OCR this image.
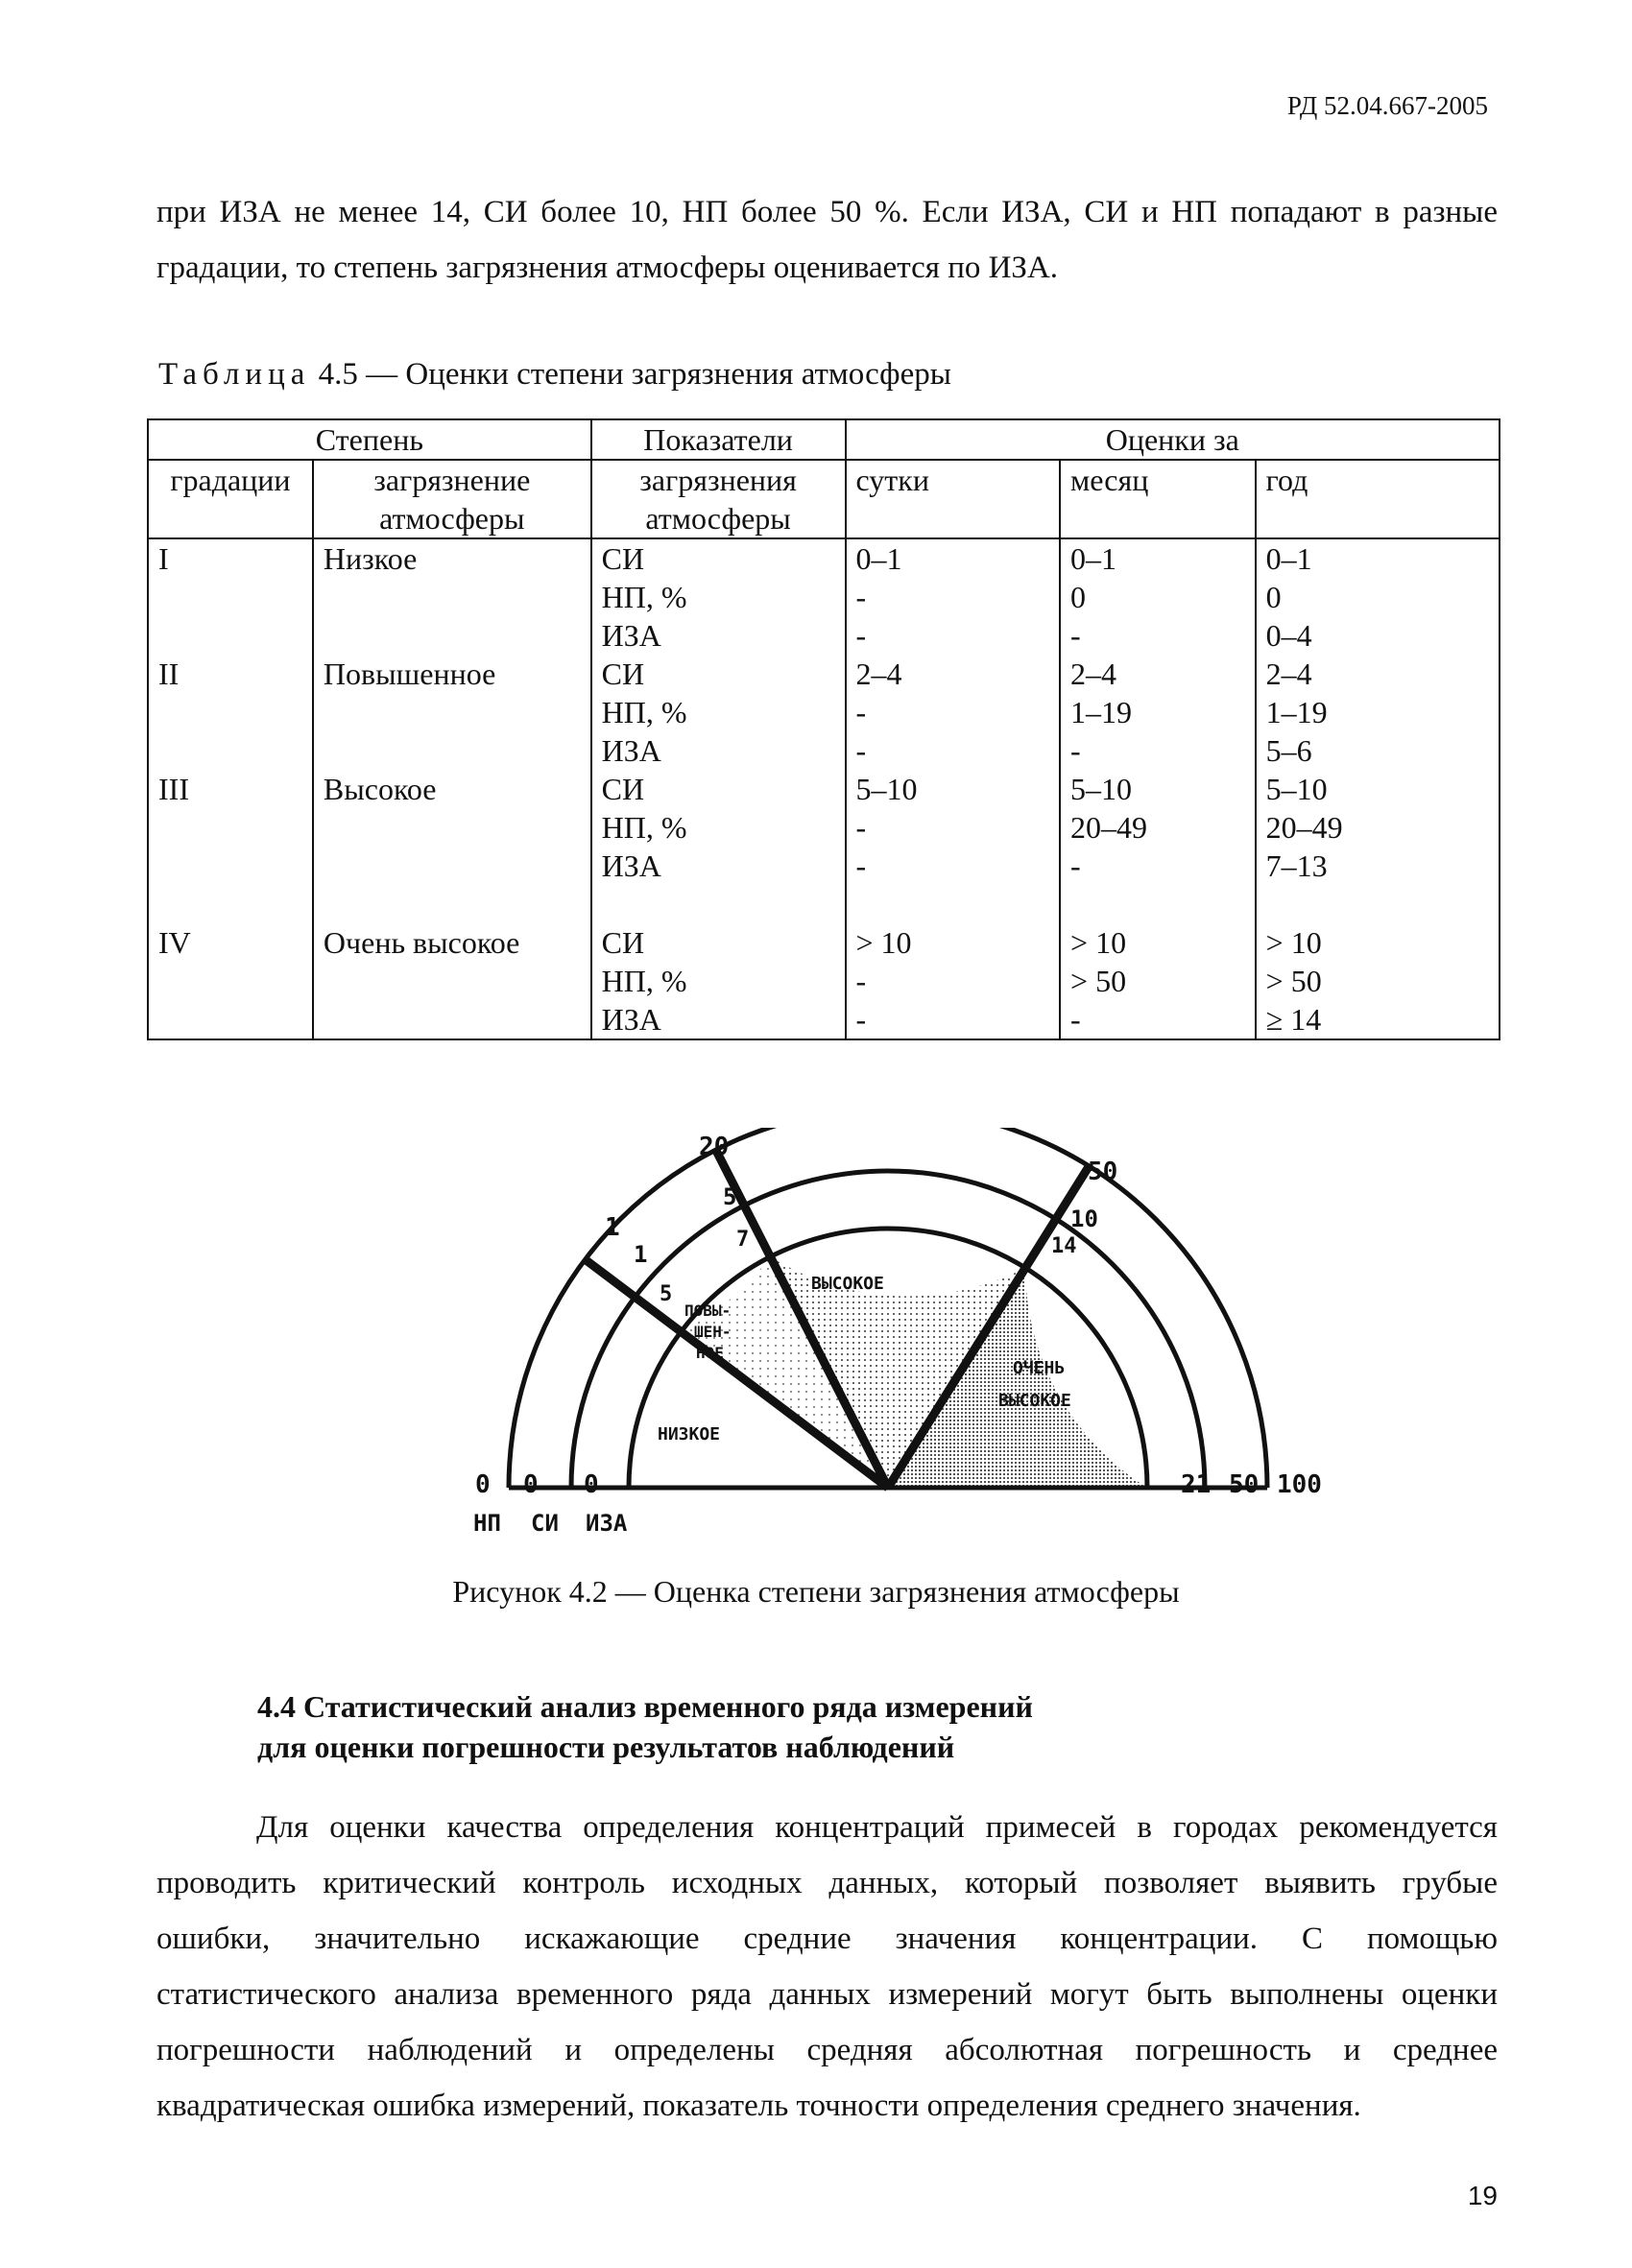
РД 52.04.667-2005
при ИЗА не менее 14, СИ более 10, НП более 50 %. Если ИЗА, СИ и НП попадают в разные
градации, то степень загрязнения атмосферы оценивается по ИЗА.
Таблица 4.5 — Оценки степени загрязнения атмосферы
Степень		Показатели	Оценки за		
градации	загрязнение атмосферы	загрязнения атмосферы	сутки	месяц	год
I	Низкое	СИ	0–1	0–1	0–1
		НП, %	-	0	0
		ИЗА	-	-	0–4
II	Повышенное	СИ	2–4	2–4	2–4
		НП, %	-	1–19	1–19
		ИЗА	-	-	5–6
III	Высокое	СИ	5–10	5–10	5–10
		НП, %	-	20–49	20–49
		ИЗА	-	-	7–13

IV	Очень высокое	СИ	> 10	> 10	> 10
		НП, %	-	> 50	> 50
		ИЗА	-	-	≥ 14
0 0 0	100
50
21
1
1
5
20
5
7
50
10
14
НИЗКОЕ
ПОВЫ-
ШЕН-
НОЕ
ВЫСОКОЕ
ОЧЕНЬ
ВЫСОКОЕ
НП СИ ИЗА
Рисунок 4.2 — Оценка степени загрязнения атмосферы
4.4 Статистический анализ временного ряда измерений
для оценки погрешности результатов наблюдений
Для оценки качества определения концентраций примесей в городах рекомендуется
проводить критический контроль исходных данных, который позволяет выявить грубые
ошибки, значительно искажающие средние значения концентрации. С помощью
статистического анализа временного ряда данных измерений могут быть выполнены оценки
погрешности наблюдений и определены средняя абсолютная погрешность и среднее
квадратическая ошибка измерений, показатель точности определения среднего значения.
19
